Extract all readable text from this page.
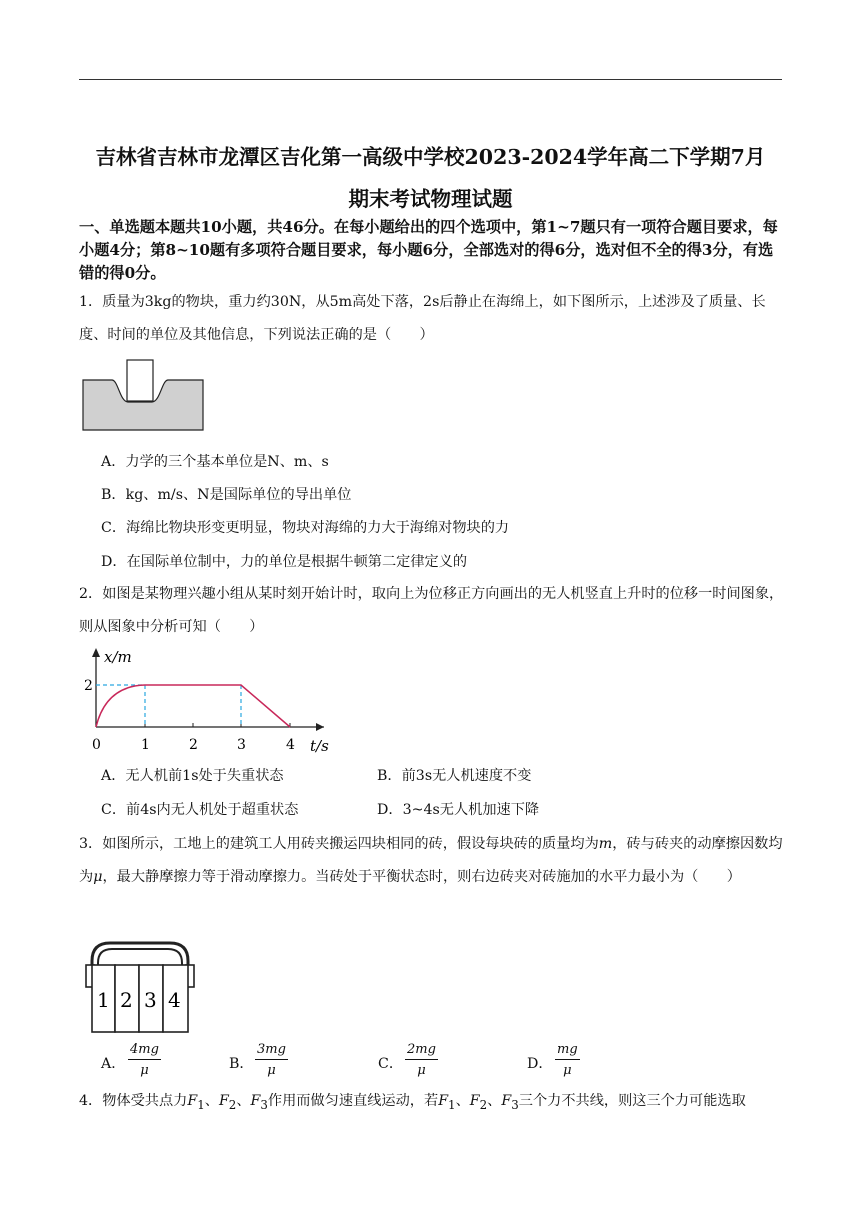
吉林省吉林市龙潭区吉化第一高级中学校2023-2024学年高二下学期7月
期末考试物理试题
一、单选题本题共10小题，共46分。在每小题给出的四个选项中，第1~7题只有一项符合题目要求，每小题4分；第8~10题有多项符合题目要求，每小题6分，全部选对的得6分，选对但不全的得3分，有选错的得0分。
1．质量为3kg的物块，重力约30N，从5m高处下落，2s后静止在海绵上，如下图所示，上述涉及了质量、长度、时间的单位及其他信息，下列说法正确的是（　　）
A．力学的三个基本单位是N、m、s
B．kg、m/s、N是国际单位的导出单位
C．海绵比物块形变更明显，物块对海绵的力大于海绵对物块的力
D．在国际单位制中，力的单位是根据牛顿第二定律定义的
2．如图是某物理兴趣小组从某时刻开始计时，取向上为位移正方向画出的无人机竖直上升时的位移一时间图象，则从图象中分析可知（　　）
x/m
2
0	1	2	3	4 t/s
A．无人机前1s处于失重状态	B．前3s无人机速度不变
C．前4s内无人机处于超重状态	D．3~4s无人机加速下降
3．如图所示，工地上的建筑工人用砖夹搬运四块相同的砖，假设每块砖的质量均为m，砖与砖夹的动摩擦因数均为μ，最大静摩擦力等于滑动摩擦力。当砖处于平衡状态时，则右边砖夹对砖施加的水平力最小为（　　）
1 2 3 4
A． $\frac{4mg}{\mu}$	B． $\frac{3mg}{\mu}$	C． $\frac{2mg}{\mu}$	D． $\frac{mg}{\mu}$
4．物体受共点力$F_1$、$F_2$、$F_3$作用而做匀速直线运动，若$F_1$、$F_2$、$F_3$三个力不共线，则这三个力可能选取
